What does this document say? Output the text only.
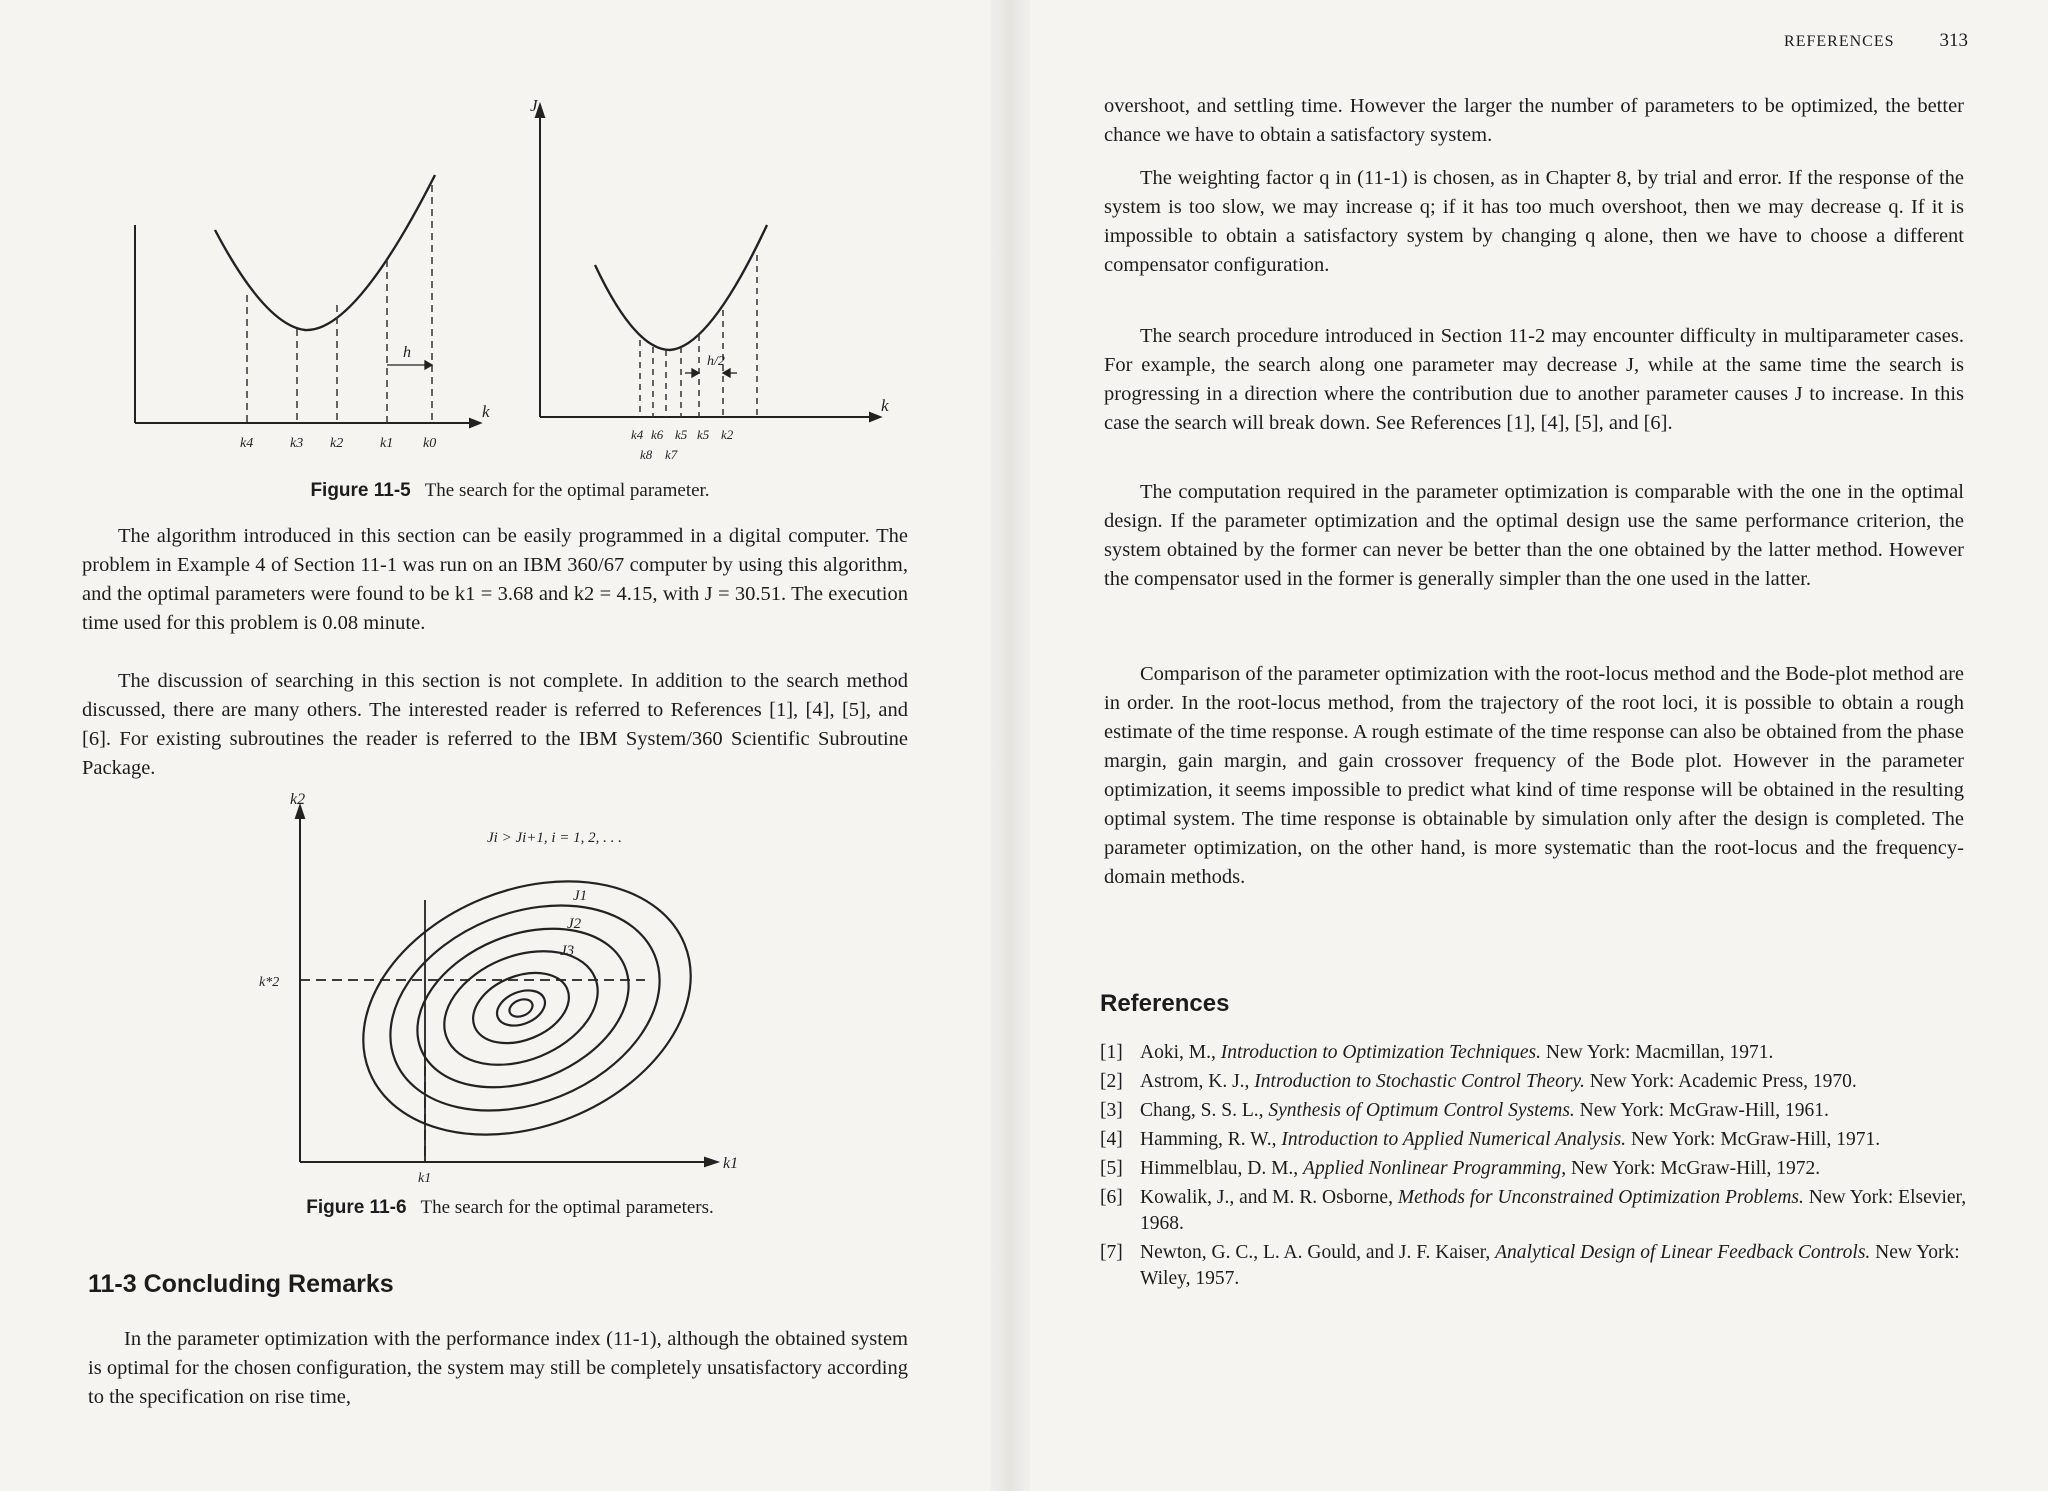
h
k
k4	k3 k2	k1 k0
h/2
J
k
k4 k6 k5 k5 k2
k8 k7
Figure 11-5 The search for the optimal parameter.

The algorithm introduced in this section can be easily programmed in a digital computer. The problem in Example 4 of Section 11-1 was run on an IBM 360/67 computer by using this algorithm, and the optimal parameters were found to be k1 = 3.68 and k2 = 4.15, with J = 30.51. The execution time used for this problem is 0.08 minute.

The discussion of searching in this section is not complete. In addition to the search method discussed, there are many others. The interested reader is referred to References [1], [4], [5], and [6]. For existing subroutines the reader is referred to the IBM System/360 Scientific Subroutine Package.

k2
k1
k1
k*2
Ji > Ji+1, i = 1, 2, . . .
J1
J2
J3
Figure 11-6 The search for the optimal parameters.
11-3 Concluding Remarks

In the parameter optimization with the performance index (11-1), although the obtained system is optimal for the chosen configuration, the system may still be completely unsatisfactory according to the specification on rise time,

REFERENCES 313

overshoot, and settling time. However the larger the number of parameters to be optimized, the better chance we have to obtain a satisfactory system.

The weighting factor q in (11-1) is chosen, as in Chapter 8, by trial and error. If the response of the system is too slow, we may increase q; if it has too much overshoot, then we may decrease q. If it is impossible to obtain a satisfactory system by changing q alone, then we have to choose a different compensator configuration.

The search procedure introduced in Section 11-2 may encounter difficulty in multiparameter cases. For example, the search along one parameter may decrease J, while at the same time the search is progressing in a direction where the contribution due to another parameter causes J to increase. In this case the search will break down. See References [1], [4], [5], and [6].

The computation required in the parameter optimization is comparable with the one in the optimal design. If the parameter optimization and the optimal design use the same performance criterion, the system obtained by the former can never be better than the one obtained by the latter method. However the compensator used in the former is generally simpler than the one used in the latter.

Comparison of the parameter optimization with the root-locus method and the Bode-plot method are in order. In the root-locus method, from the trajectory of the root loci, it is possible to obtain a rough estimate of the time response. A rough estimate of the time response can also be obtained from the phase margin, gain margin, and gain crossover frequency of the Bode plot. However in the parameter optimization, it seems impossible to predict what kind of time response will be obtained in the resulting optimal system. The time response is obtainable by simulation only after the design is completed. The parameter optimization, on the other hand, is more systematic than the root-locus and the frequency-domain methods.

References
[1] Aoki, M., Introduction to Optimization Techniques. New York: Macmillan, 1971.
[2] Astrom, K. J., Introduction to Stochastic Control Theory. New York: Academic Press, 1970.
[3] Chang, S. S. L., Synthesis of Optimum Control Systems. New York: McGraw-Hill, 1961.
[4] Hamming, R. W., Introduction to Applied Numerical Analysis. New York: McGraw-Hill, 1971.
[5] Himmelblau, D. M., Applied Nonlinear Programming, New York: McGraw-Hill, 1972.
[6] Kowalik, J., and M. R. Osborne, Methods for Unconstrained Optimization Problems. New York: Elsevier, 1968.
[7] Newton, G. C., L. A. Gould, and J. F. Kaiser, Analytical Design of Linear Feedback Controls. New York: Wiley, 1957.
